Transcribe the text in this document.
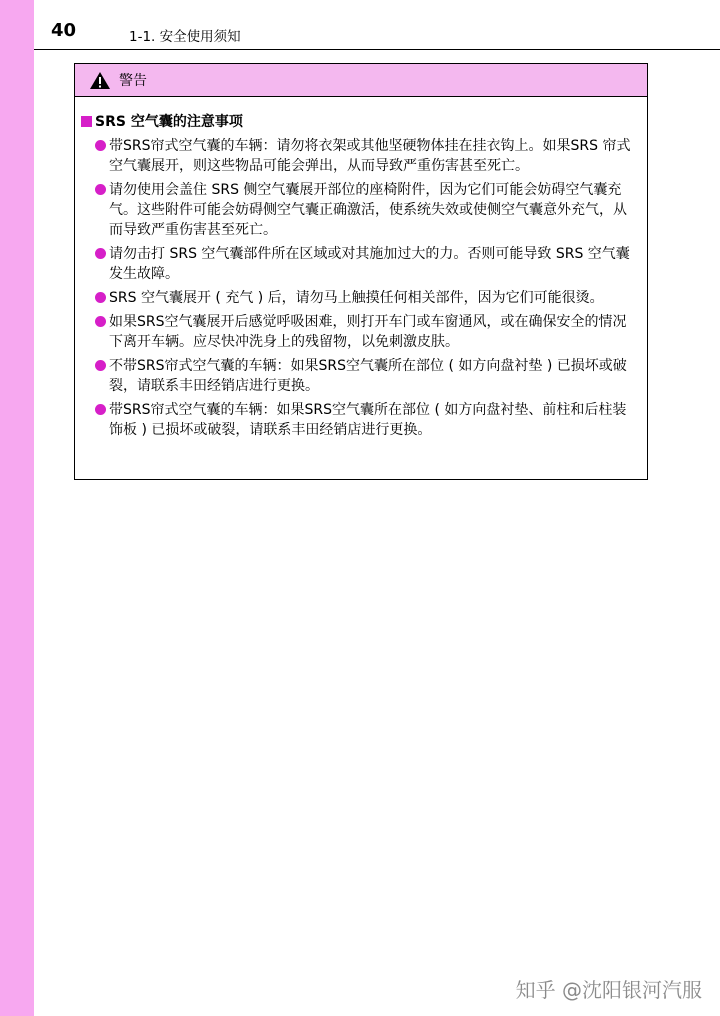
40	1-1. 安全使用须知
警告
SRS 空气囊的注意事项
带SRS帘式空气囊的车辆：请勿将衣架或其他坚硬物体挂在挂衣钩上。如果SRS 帘式空气囊展开，则这些物品可能会弹出，从而导致严重伤害甚至死亡。
请勿使用会盖住 SRS 侧空气囊展开部位的座椅附件，因为它们可能会妨碍空气囊充气。这些附件可能会妨碍侧空气囊正确激活，使系统失效或使侧空气囊意外充气，从而导致严重伤害甚至死亡。
请勿击打 SRS 空气囊部件所在区域或对其施加过大的力。否则可能导致 SRS 空气囊发生故障。
SRS 空气囊展开 ( 充气 ) 后，请勿马上触摸任何相关部件，因为它们可能很烫。
如果SRS空气囊展开后感觉呼吸困难，则打开车门或车窗通风，或在确保安全的情况下离开车辆。应尽快冲洗身上的残留物，以免刺激皮肤。
不带SRS帘式空气囊的车辆：如果SRS空气囊所在部位 ( 如方向盘衬垫 ) 已损坏或破裂，请联系丰田经销店进行更换。
带SRS帘式空气囊的车辆：如果SRS空气囊所在部位 ( 如方向盘衬垫、前柱和后柱装饰板 ) 已损坏或破裂，请联系丰田经销店进行更换。
知乎 @沈阳银河汽服
